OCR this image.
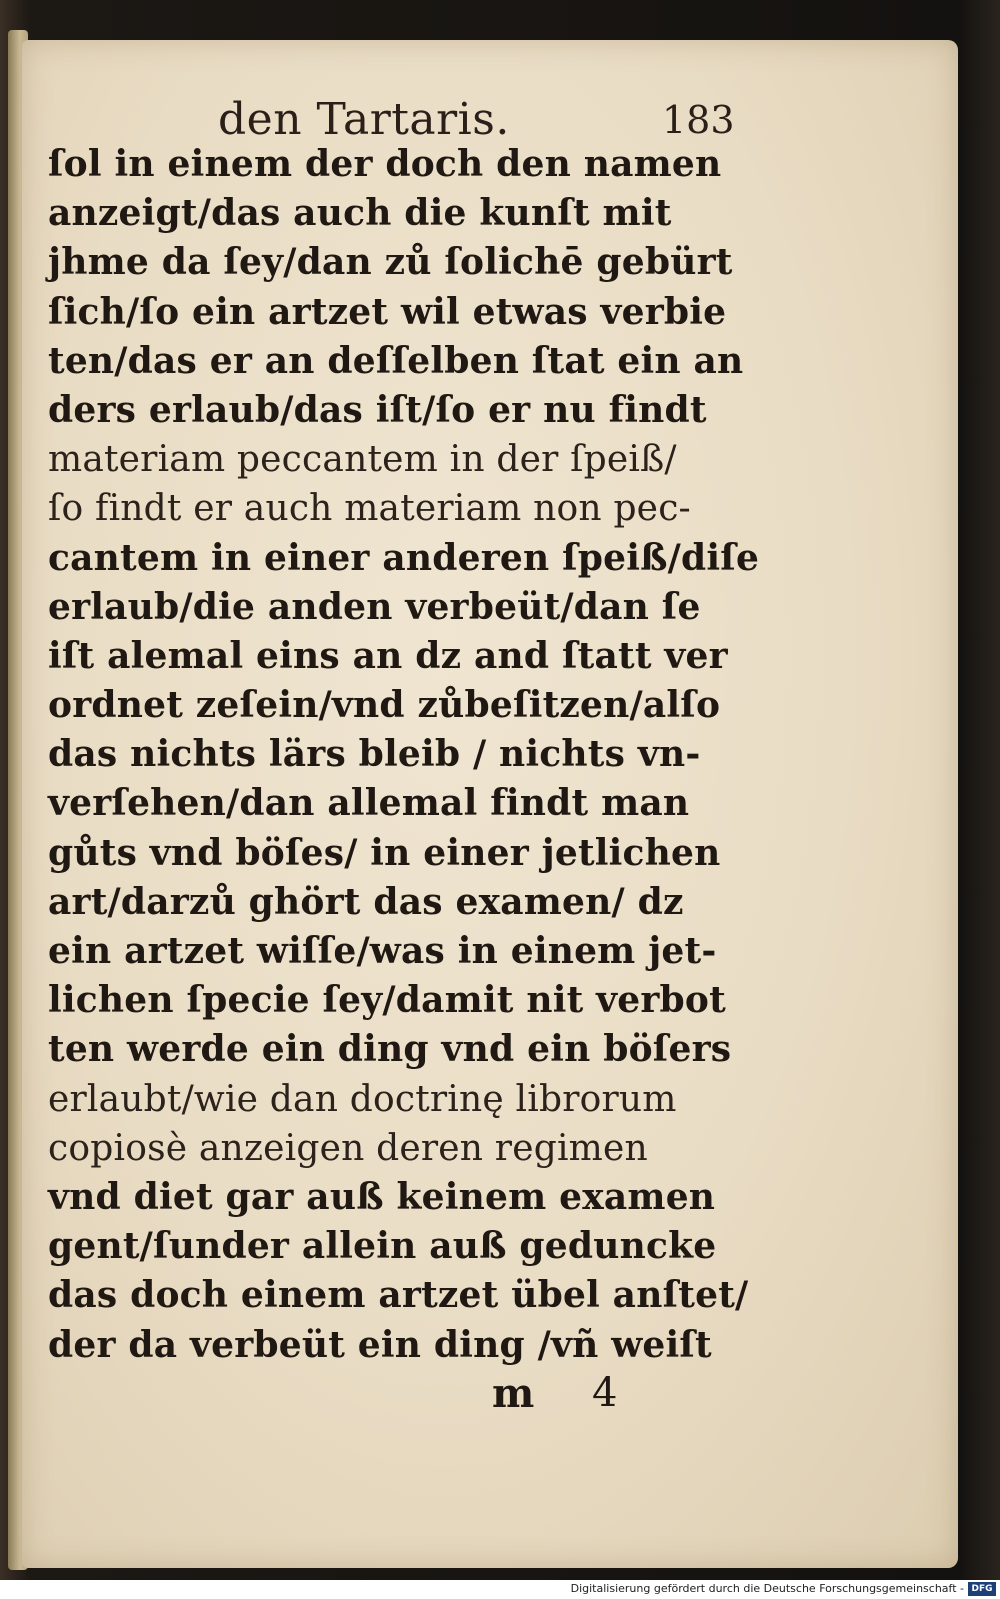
den Tartaris.	183
ſol in einem der doch den namen
anzeigt/das auch die kunſt mit
jhme da ſey/dan zů ſolichē gebürt
ſich/ſo ein artzet wil etwas verbie
ten/das er an deſſelben ſtat ein an
ders erlaub/das iſt/ſo er nu findt
materiam peccantem in der ſpeiß/
ſo findt er auch materiam non pec-
cantem in einer anderen ſpeiß/diſe
erlaub/die anden verbeüt/dan ſe
iſt alemal eins an dz and ſtatt ver
ordnet zeſein/vnd zůbeſitzen/alſo
das nichts lärs bleib / nichts vn-
verſehen/dan allemal findt man
gůts vnd böſes/ in einer jetlichen
art/darzů ghört das examen/ dz
ein artzet wiſſe/was in einem jet-
lichen ſpecie ſey/damit nit verbot
ten werde ein ding vnd ein böſers
erlaubt/wie dan doctrinę librorum
copiosè anzeigen deren regimen
vnd diet gar auß keinem examen
gent/ſunder allein auß geduncke
das doch einem artzet übel anſtet/
der da verbeüt ein ding /vñ weiſt
m 4
Digitalisierung gefördert durch die Deutsche Forschungsgemeinschaft - DFG
